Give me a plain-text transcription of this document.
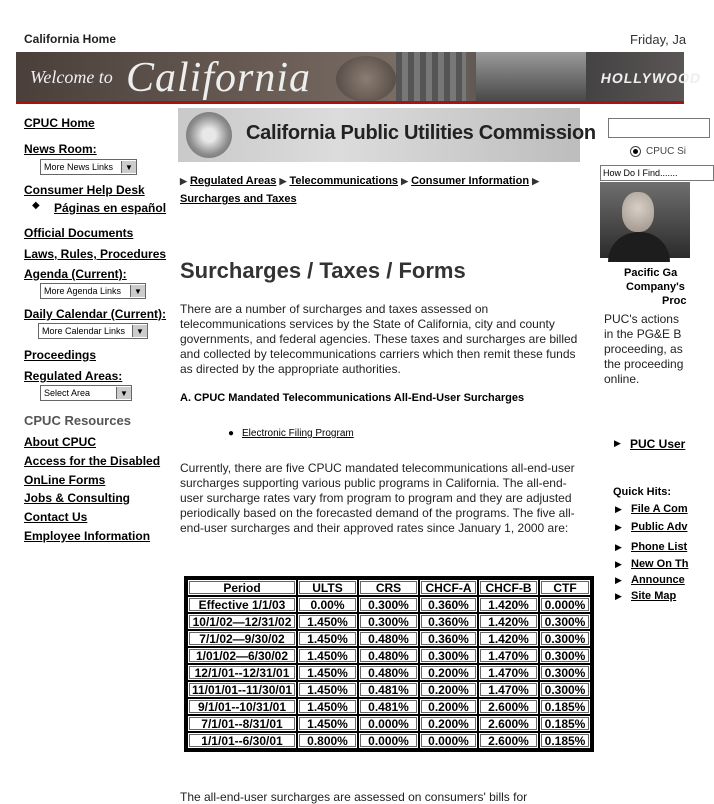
California Home	Friday, Ja
Welcome to California	HOLLYWOOD
CPUC Home
News Room:
More News Links	▼
Consumer Help Desk
◆ Páginas en español
Official Documents
Laws, Rules, Procedures
Agenda (Current):
More Agenda Links	▼
Daily Calendar (Current):
More Calendar Links	▼
Proceedings
Regulated Areas:
Select Area	▼
CPUC Resources
About CPUC
Access for the Disabled
OnLine Forms
Jobs & Consulting
Contact Us
Employee Information
California Public Utilities Commission
▶ Regulated Areas ▶ Telecommunications ▶ Consumer Information ▶
Surcharges and Taxes
Surcharges / Taxes / Forms
There are a number of surcharges and taxes assessed on telecommunications services by the State of California, city and county governments, and federal agencies. These taxes and surcharges are billed and collected by telecommunications carriers which then remit these funds as directed by the appropriate authorities.
A. CPUC Mandated Telecommunications All-End-User Surcharges
● Electronic Filing Program
Currently, there are five CPUC mandated telecommunications all-end-user surcharges supporting various public programs in California. The all-end-user surcharge rates vary from program to program and they are adjusted periodically based on the forecasted demand of the programs. The five all-end-user surcharges and their approved rates since January 1, 2000 are:
Period	ULTS	CRS	CHCF-A	CHCF-B	CTF
Effective 1/1/03	0.00%	0.300%	0.360%	1.420%	0.000%
10/1/02—12/31/02	1.450%	0.300%	0.360%	1.420%	0.300%
7/1/02—9/30/02	1.450%	0.480%	0.360%	1.420%	0.300%
1/01/02—6/30/02	1.450%	0.480%	0.300%	1.470%	0.300%
12/1/01--12/31/01	1.450%	0.480%	0.200%	1.470%	0.300%
11/01/01--11/30/01	1.450%	0.481%	0.200%	1.470%	0.300%
9/1/01--10/31/01	1.450%	0.481%	0.200%	2.600%	0.185%
7/1/01--8/31/01	1.450%	0.000%	0.200%	2.600%	0.185%
1/1/01--6/30/01	0.800%	0.000%	0.000%	2.600%	0.185%
The all-end-user surcharges are assessed on consumers' bills for
CPUC Si
How Do I Find.......
Pacific Ga
Company's
Proc
PUC's actions
in the PG&E B
proceeding, as
the proceeding
online.
▶ PUC User
Quick Hits:
▶ File A Com
▶ Public Adv
▶ Phone List
▶ New On Th
▶ Announce
▶ Site Map
